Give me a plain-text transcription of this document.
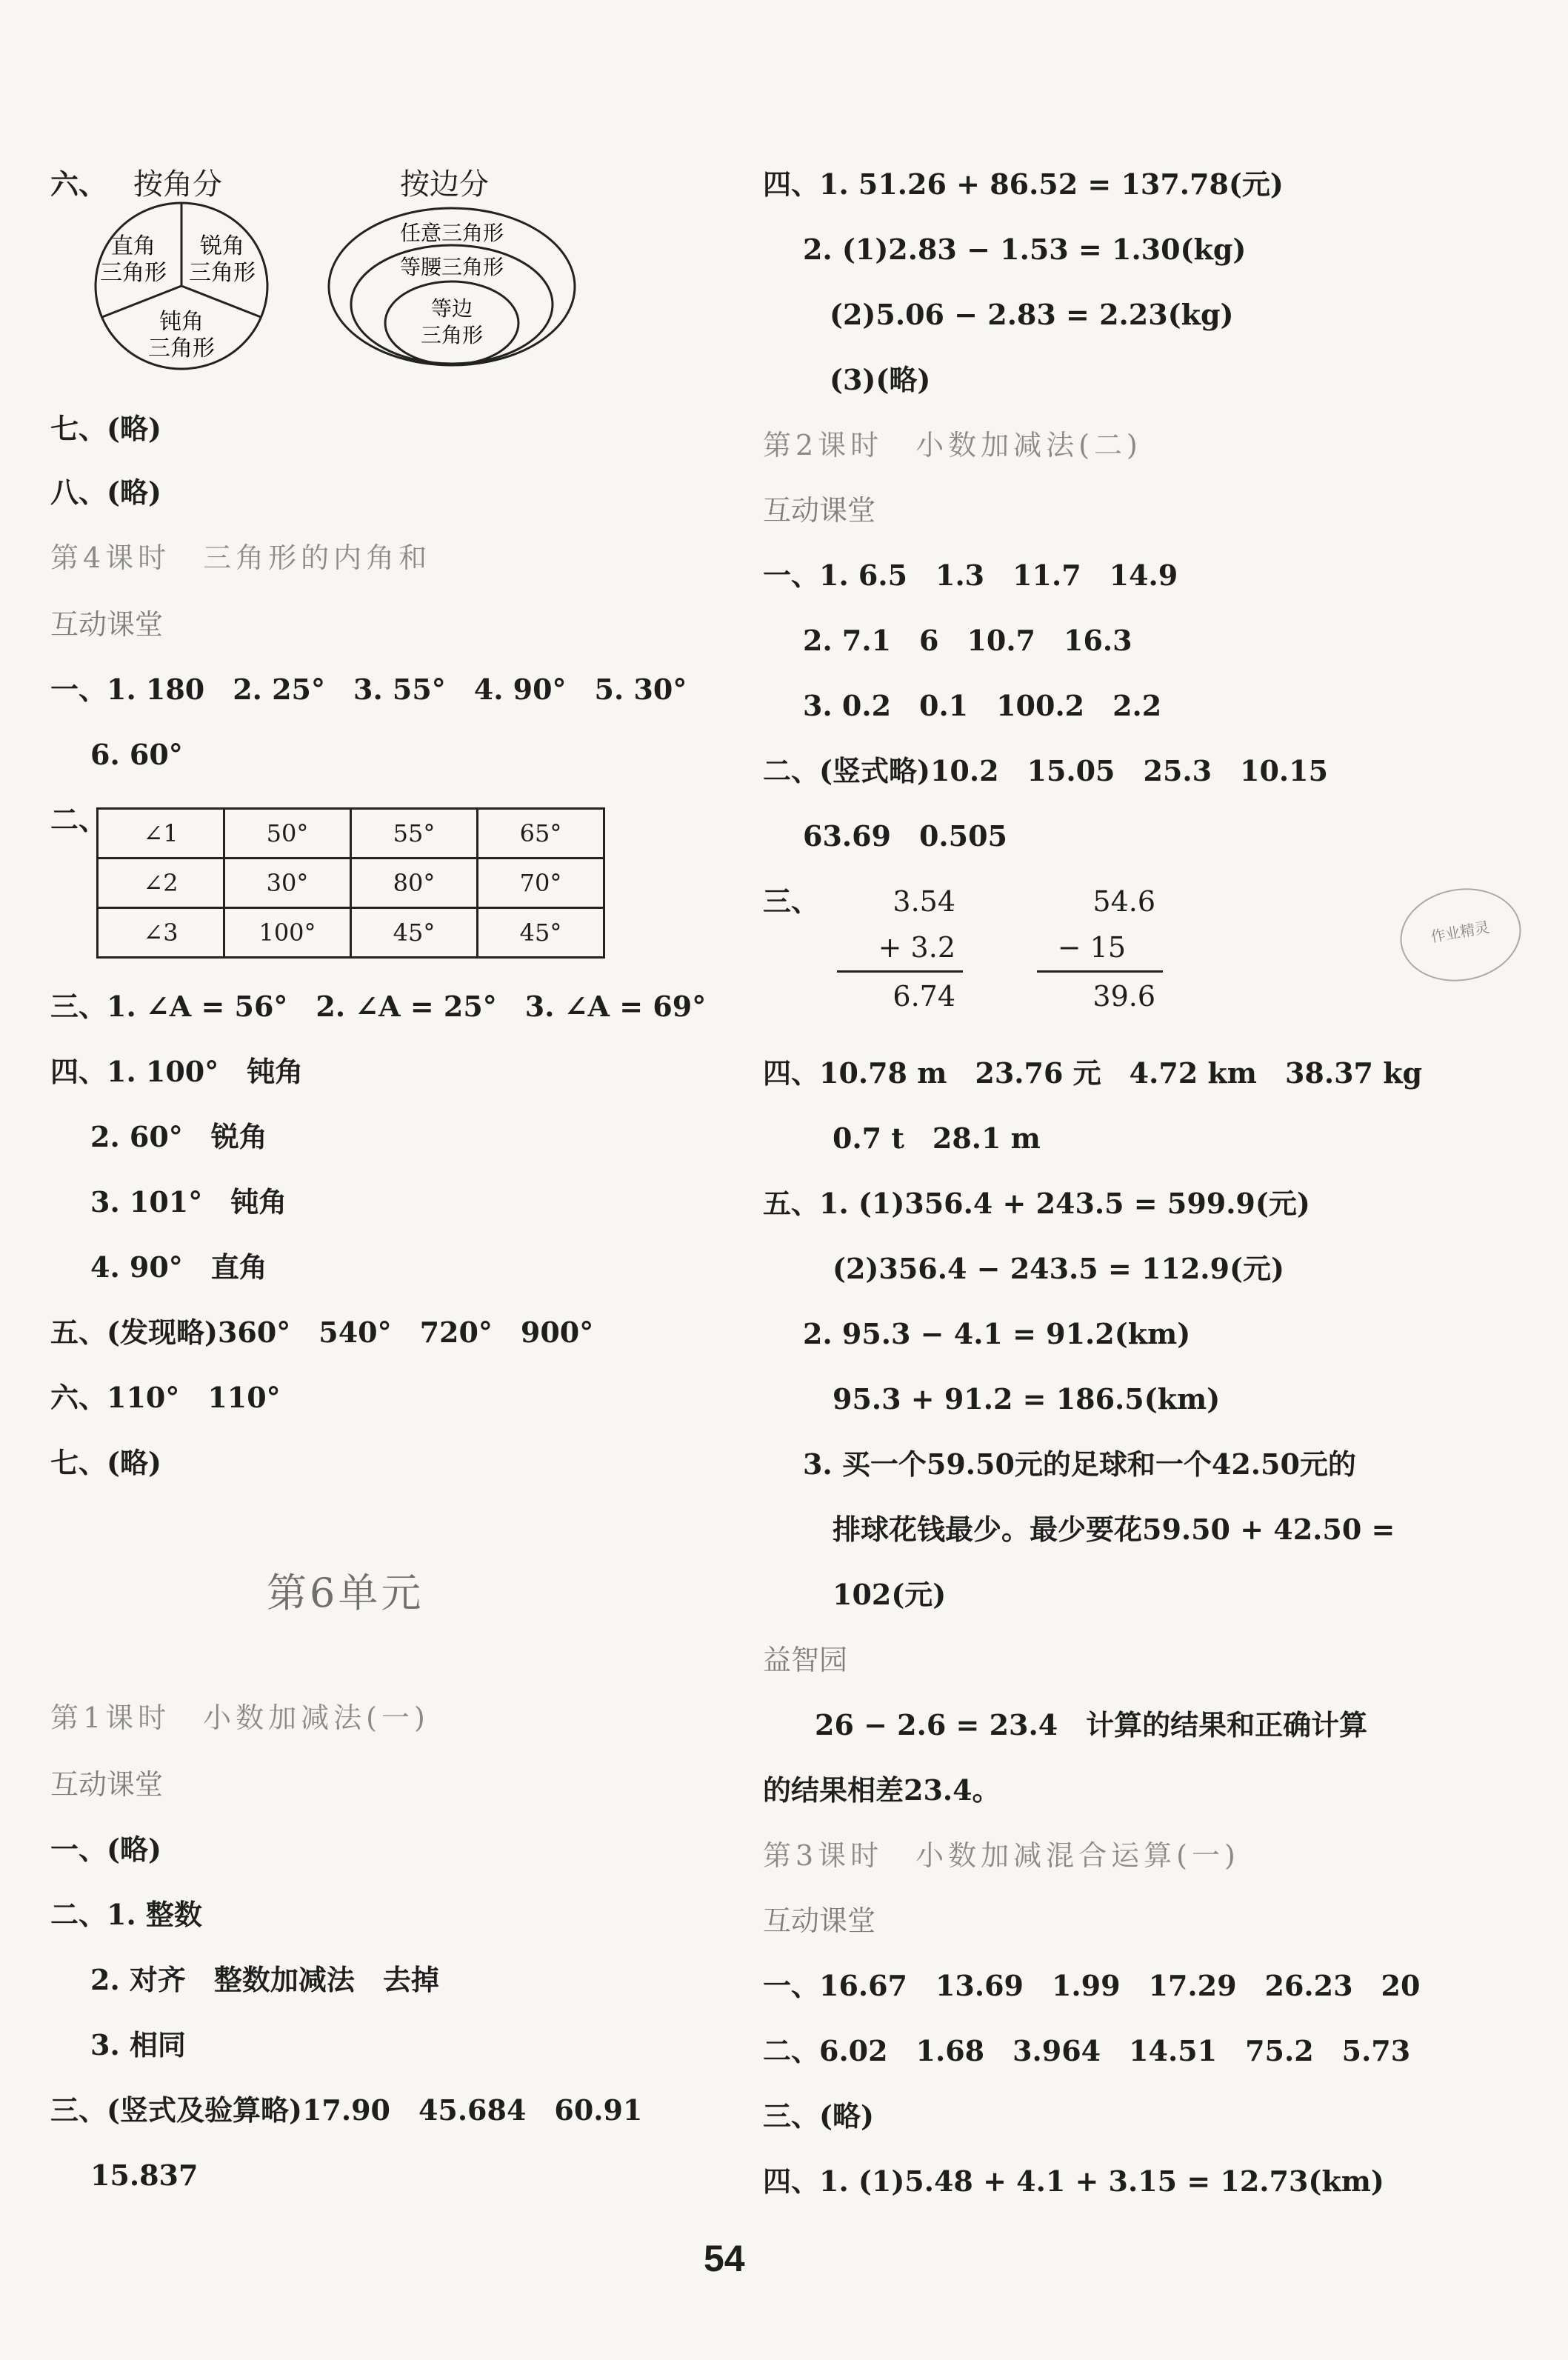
六、 按角分	按边分
直角三角形
锐角三角形
钝角三角形
任意三角形
等腰三角形
等边三角形
七、(略)
八、(略)
第4课时　三角形的内角和
互动课堂
一、1. 180　2. 25°　3. 55°　4. 90°　5. 30°
6. 60°
二、 ∠1	50°	55°	65°
∠2	30°	80°	70°
∠3	100°	45°	45°
三、1. ∠A = 56°　2. ∠A = 25°　3. ∠A = 69°
四、1. 100°　钝角
2. 60°　锐角
3. 101°　钝角
4. 90°　直角
五、(发现略)360°　540°　720°　900°
六、110°　110°
七、(略)
第6单元
第1课时　小数加减法(一)
互动课堂
一、(略)
二、1. 整数
2. 对齐　整数加减法　去掉
3. 相同
三、(竖式及验算略)17.90　45.684　60.91
15.837
四、1. 51.26 + 86.52 = 137.78(元)
2. (1)2.83 − 1.53 = 1.30(kg)
(2)5.06 − 2.83 = 2.23(kg)
(3)(略)
第2课时　小数加减法(二)
互动课堂
一、1. 6.5　1.3　11.7　14.9
2. 7.1　6　10.7　16.3
3. 0.2　0.1　100.2　2.2
二、(竖式略)10.2　15.05　25.3　10.15
63.69　0.505
三、	3.54
+ 3.2
6.74
54.6
− 15
39.6
四、10.78 m　23.76 元　4.72 km　38.37 kg
0.7 t　28.1 m
五、1. (1)356.4 + 243.5 = 599.9(元)
(2)356.4 − 243.5 = 112.9(元)
2. 95.3 − 4.1 = 91.2(km)
95.3 + 91.2 = 186.5(km)
3. 买一个59.50元的足球和一个42.50元的
排球花钱最少。最少要花59.50 + 42.50 =
102(元)
益智园
26 − 2.6 = 23.4　计算的结果和正确计算
的结果相差23.4。
第3课时　小数加减混合运算(一)
互动课堂
一、16.67　13.69　1.99　17.29　26.23　20
二、6.02　1.68　3.964　14.51　75.2　5.73
三、(略)
四、1. (1)5.48 + 4.1 + 3.15 = 12.73(km)
作业精灵
54
